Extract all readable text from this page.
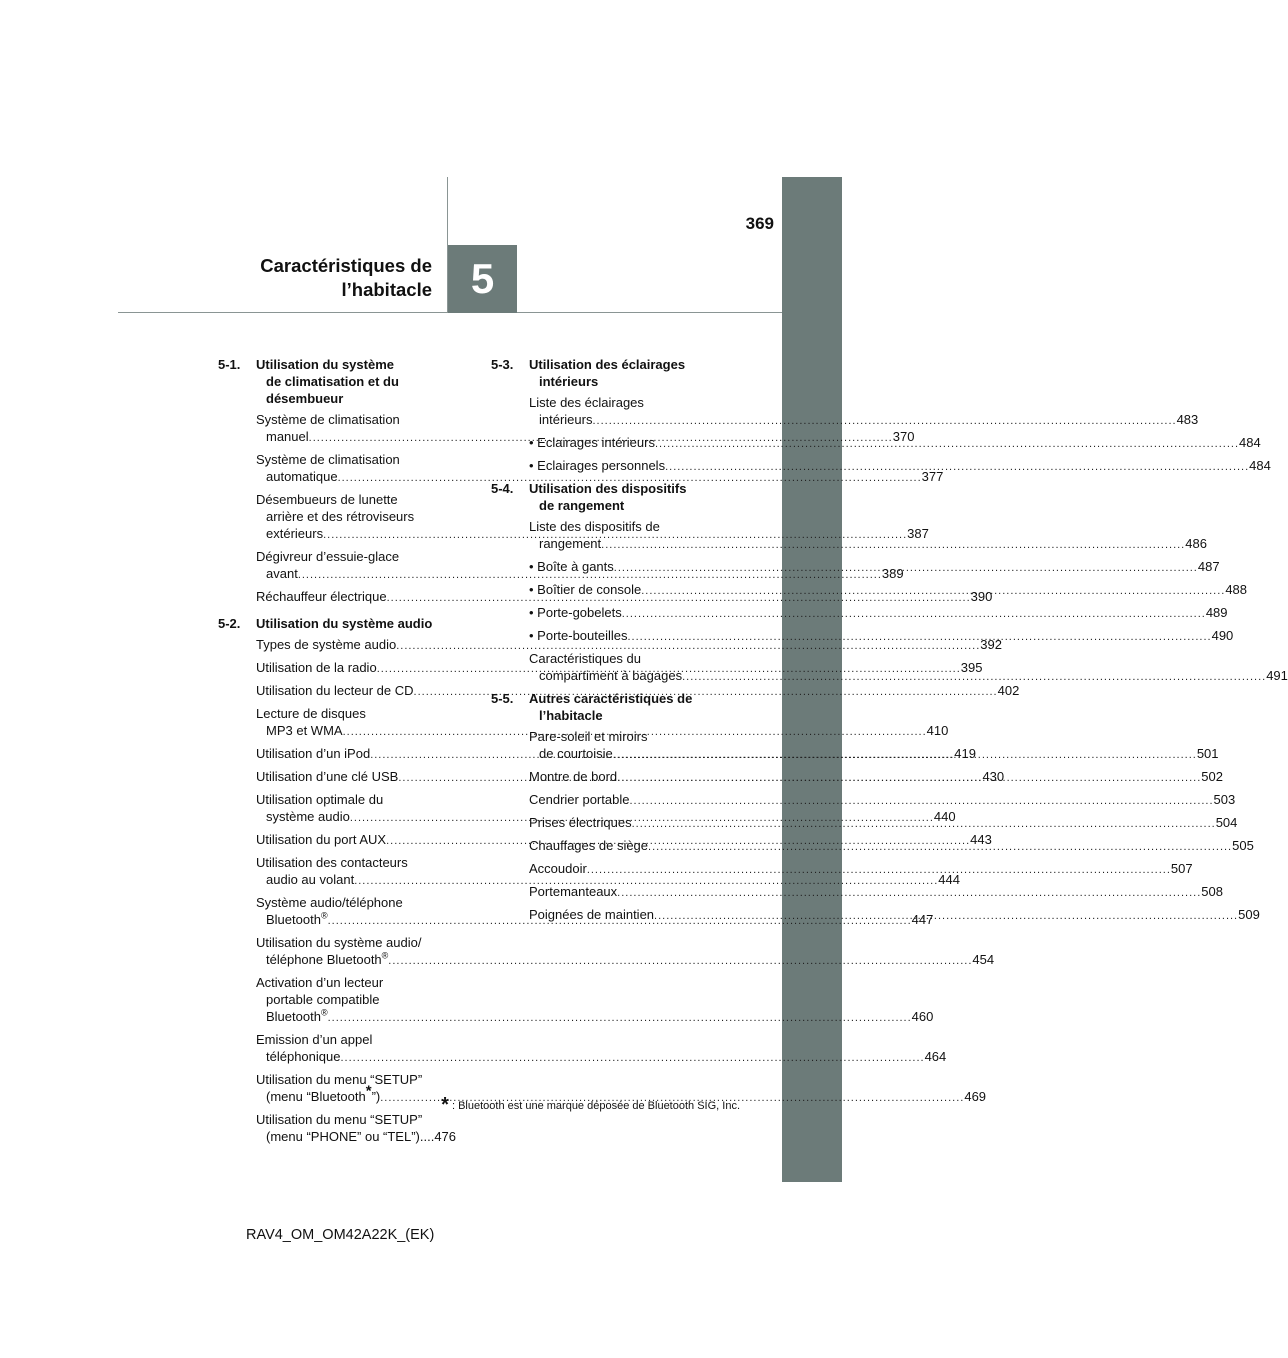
369
5
Caractéristiques de
l’habitacle
5-1. Utilisation du système
de climatisation et du
désembueur
Système de climatisation
manuel .....	370
Système de climatisation
automatique .....	377
Désembueurs de lunette
arrière et des rétroviseurs
extérieurs .....	387
Dégivreur d’essuie-glace
avant .....	389
Réchauffeur électrique .....	390
5-2. Utilisation du système audio
Types de système audio .....	392
Utilisation de la radio .....	395
Utilisation du lecteur de CD .....	402
Lecture de disques
MP3 et WMA .....	410
Utilisation d’un iPod .....	419
Utilisation d’une clé USB .....	430
Utilisation optimale du
système audio .....	440
Utilisation du port AUX .....	443
Utilisation des contacteurs
audio au volant .....	444
Système audio/téléphone
Bluetooth® .....	447
Utilisation du système audio/
téléphone Bluetooth® .....	454
Activation d’un lecteur
portable compatible
Bluetooth® .....	460
Emission d’un appel
téléphonique .....	464
Utilisation du menu “SETUP”
(menu “Bluetooth*”) .....	469
Utilisation du menu “SETUP”
(menu “PHONE” ou “TEL”)....476
5-3. Utilisation des éclairages
intérieurs
Liste des éclairages
intérieurs .....	483
• Eclairages intérieurs .....	484
• Eclairages personnels .....	484
5-4. Utilisation des dispositifs
de rangement
Liste des dispositifs de
rangement .....	486
• Boîte à gants .....	487
• Boîtier de console .....	488
• Porte-gobelets .....	489
• Porte-bouteilles .....	490
Caractéristiques du
compartiment à bagages .....	491
5-5. Autres caractéristiques de
l’habitacle
Pare-soleil et miroirs
de courtoisie .....	501
Montre de bord .....	502
Cendrier portable .....	503
Prises électriques .....	504
Chauffages de siège .....	505
Accoudoir .....	507
Portemanteaux .....	508
Poignées de maintien .....	509
* : Bluetooth est une marque déposée de Bluetooth SIG, Inc.
RAV4_OM_OM42A22K_(EK)
